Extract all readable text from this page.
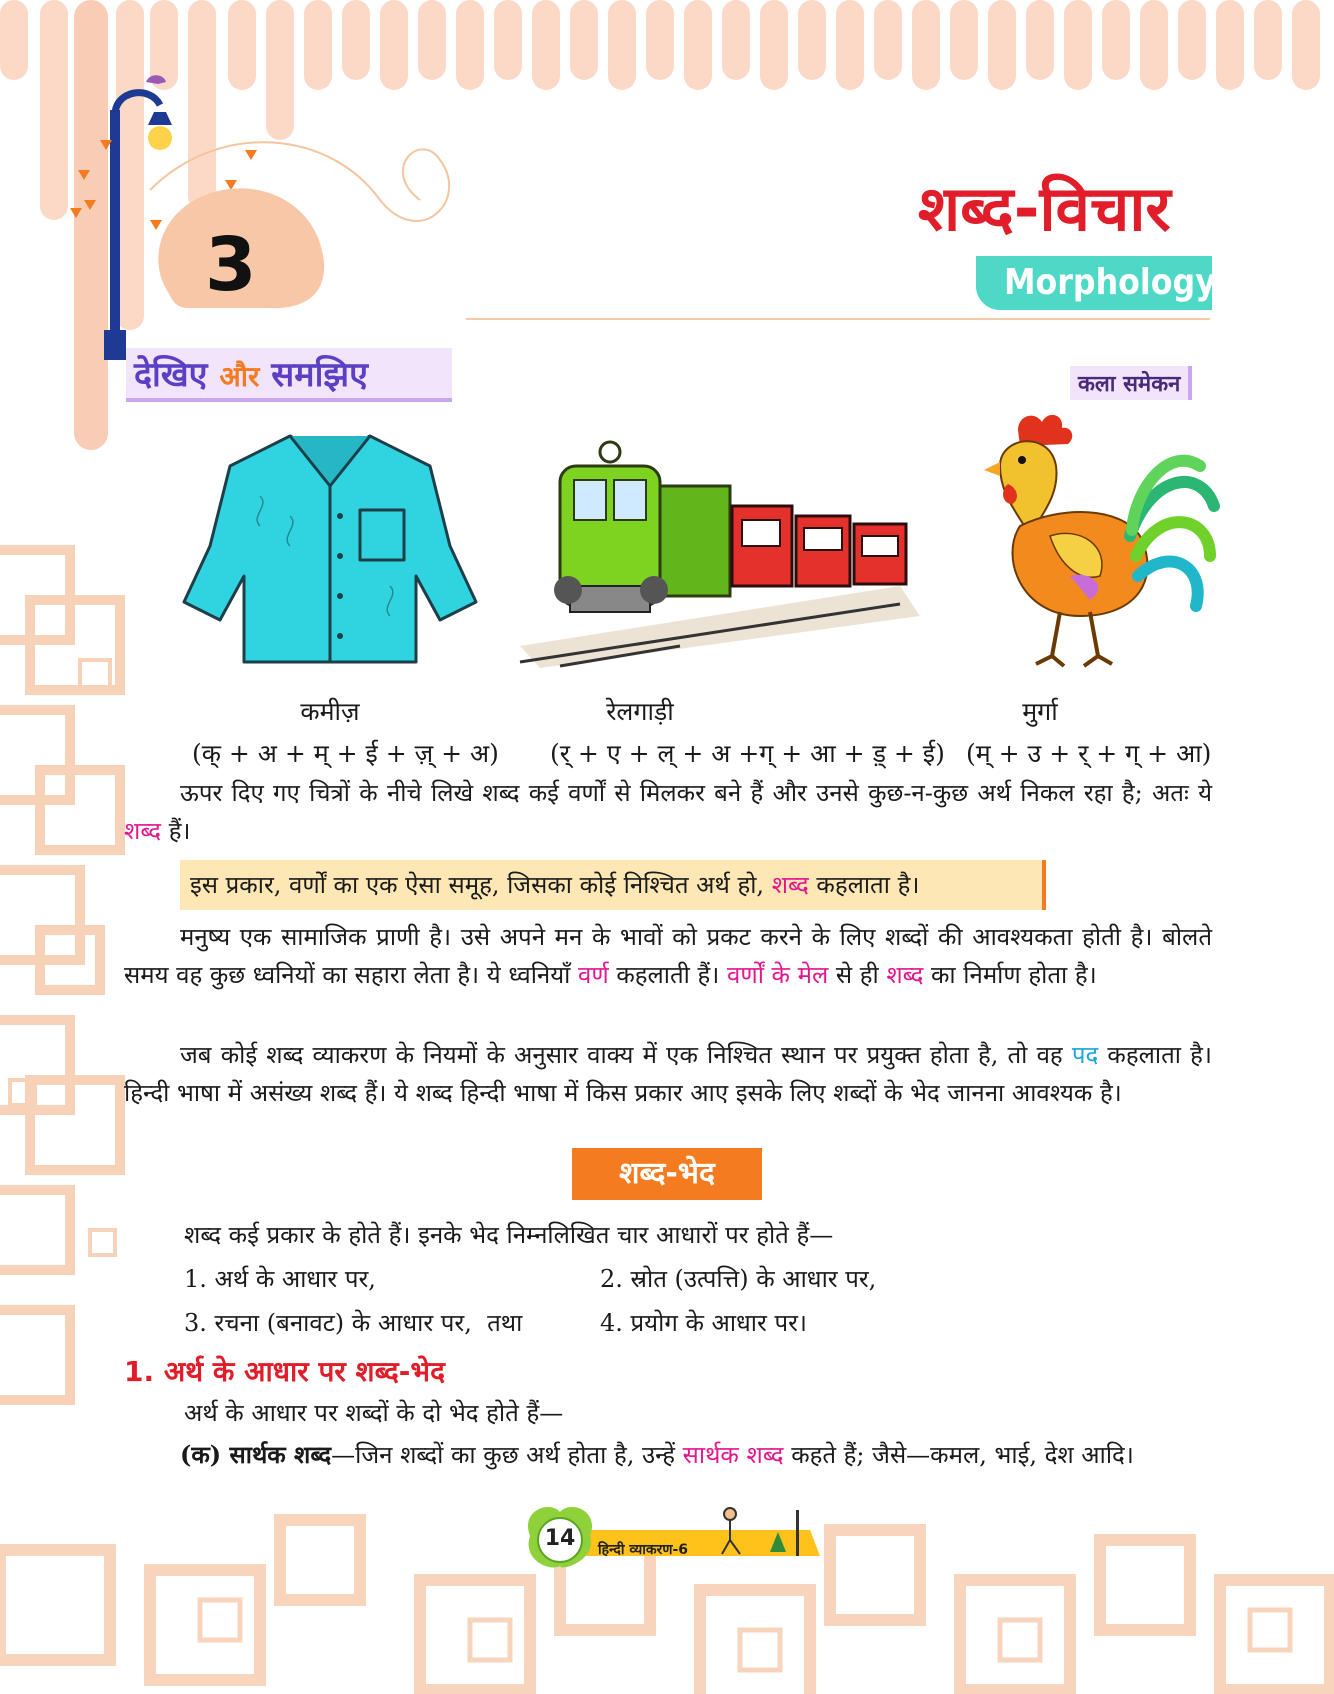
3
शब्द-विचार
Morphology
देखिए और समझिए	कला समेकन
कमीज़	रेलगाड़ी	मुर्गा
(क् + अ + म् + ई + ज़् + अ) (र् + ए + ल् + अ +ग् + आ + ड़् + ई) (म् + उ + र् + ग् + आ)
ऊपर दिए गए चित्रों के नीचे लिखे शब्द कई वर्णों से मिलकर बने हैं और उनसे कुछ-न-कुछ अर्थ निकल रहा है; अतः ये शब्द हैं।
इस प्रकार, वर्णों का एक ऐसा समूह, जिसका कोई निश्चित अर्थ हो, शब्द कहलाता है।
मनुष्य एक सामाजिक प्राणी है। उसे अपने मन के भावों को प्रकट करने के लिए शब्दों की आवश्यकता होती है। बोलते समय वह कुछ ध्वनियों का सहारा लेता है। ये ध्वनियाँ वर्ण कहलाती हैं। वर्णों के मेल से ही शब्द का निर्माण होता है।
जब कोई शब्द व्याकरण के नियमों के अनुसार वाक्य में एक निश्चित स्थान पर प्रयुक्त होता है, तो वह पद कहलाता है। हिन्दी भाषा में असंख्य शब्द हैं। ये शब्द हिन्दी भाषा में किस प्रकार आए इसके लिए शब्दों के भेद जानना आवश्यक है।
शब्द-भेद
शब्द कई प्रकार के होते हैं। इनके भेद निम्नलिखित चार आधारों पर होते हैं—
1. अर्थ के आधार पर,	2. स्रोत (उत्पत्ति) के आधार पर,
3. रचना (बनावट) के आधार पर,  तथा	4. प्रयोग के आधार पर।
1. अर्थ के आधार पर शब्द-भेद
अर्थ के आधार पर शब्दों के दो भेद होते हैं—
(क) सार्थक शब्द—जिन शब्दों का कुछ अर्थ होता है, उन्हें सार्थक शब्द कहते हैं; जैसे—कमल, भाई, देश आदि।
14 हिन्दी व्याकरण-6
